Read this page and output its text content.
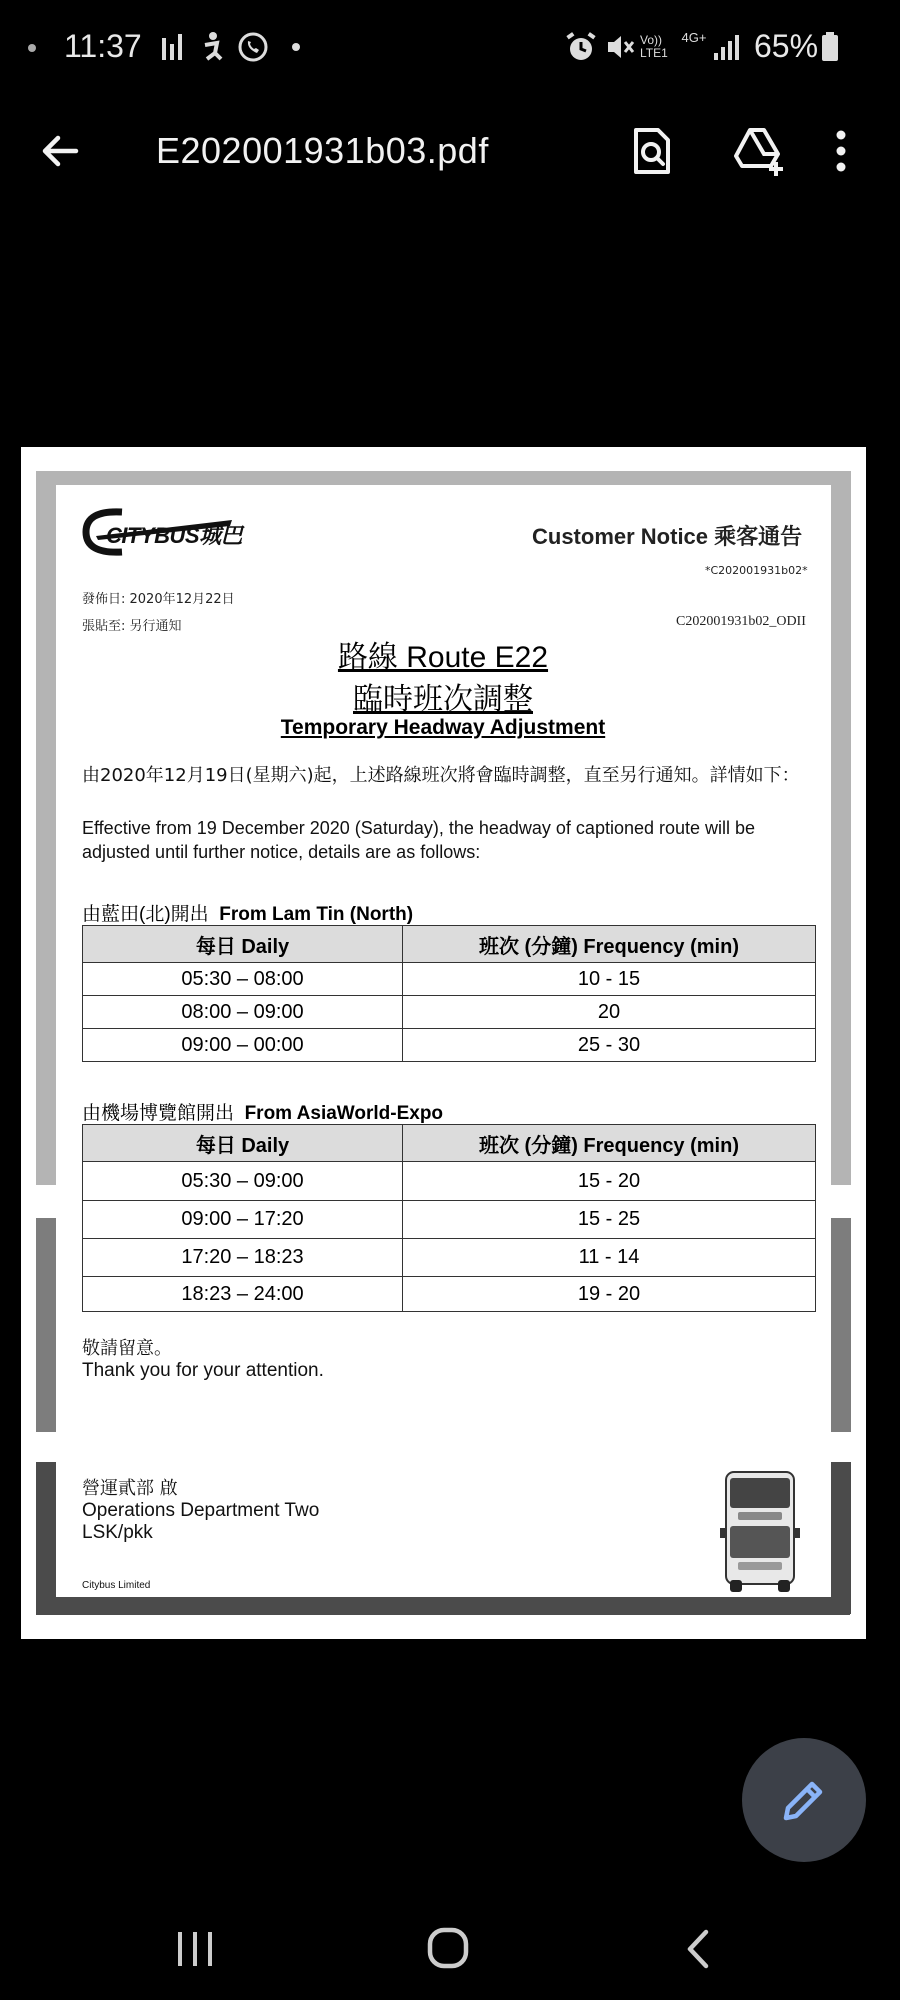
11:37	Vo)) LTE1
4G+ 65%
E202001931b03.pdf
CITYBUS城巴	Customer Notice 乘客通告
*C202001931b02*
發佈日: 2020年12月22日
張貼至: 另行通知	C202001931b02_ODII
路線 Route E22
臨時班次調整
Temporary Headway Adjustment
由2020年12月19日(星期六)起，上述路線班次將會臨時調整，直至另行通知。詳情如下：
Effective from 19 December 2020 (Saturday), the headway of captioned route will be adjusted until further notice, details are as follows:
由藍田(北)開出 From Lam Tin (North)
每日 Daily	班次 (分鐘) Frequency (min)
05:30 – 08:00	10 - 15
08:00 – 09:00	20
09:00 – 00:00	25 - 30
由機場博覽館開出 From AsiaWorld-Expo
每日 Daily	班次 (分鐘) Frequency (min)
05:30 – 09:00	15 - 20
09:00 – 17:20	15 - 25
17:20 – 18:23	11 - 14
18:23 – 24:00	19 - 20
敬請留意。
Thank you for your attention.
營運貳部 啟
Operations Department Two
LSK/pkk
Citybus Limited
